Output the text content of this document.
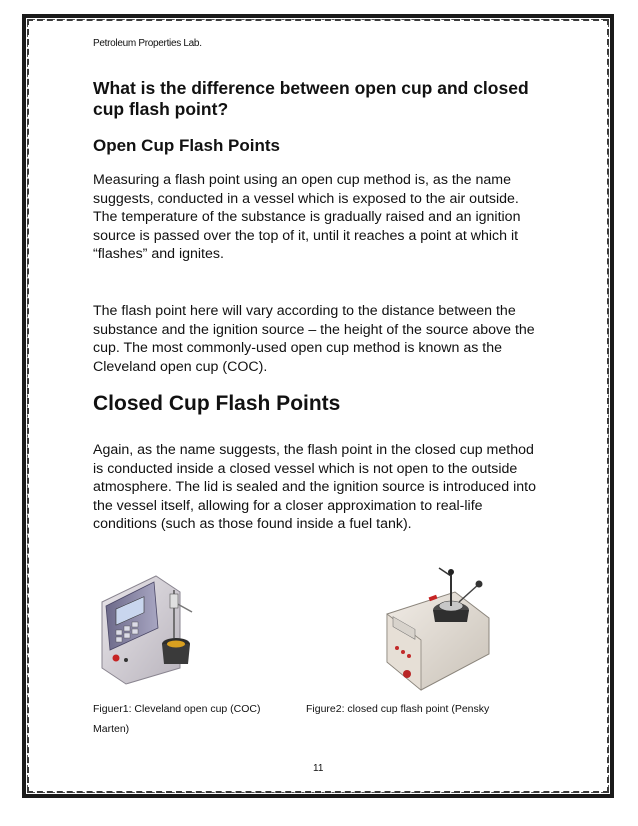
Petroleum Properties Lab.
What is the difference between open cup and closed cup flash point?
Open Cup Flash Points
Measuring a flash point using an open cup method is, as the name suggests, conducted in a vessel which is exposed to the air outside. The temperature of the substance is gradually raised and an ignition source is passed over the top of it, until it reaches a point at which it “flashes” and ignites.
The flash point here will vary according to the distance between the substance and the ignition source – the height of the source above the cup. The most commonly-used open cup method is known as the Cleveland open cup (COC).
Closed Cup Flash Points
Again, as the name suggests, the flash point in the closed cup method is conducted inside a closed vessel which is not open to the outside atmosphere. The lid is sealed and the ignition source is introduced into the vessel itself, allowing for a closer approximation to real-life conditions (such as those found inside a fuel tank).
Figuer1: Cleveland open cup (COC)	Figure2: closed cup flash point (Pensky
Marten)
11
